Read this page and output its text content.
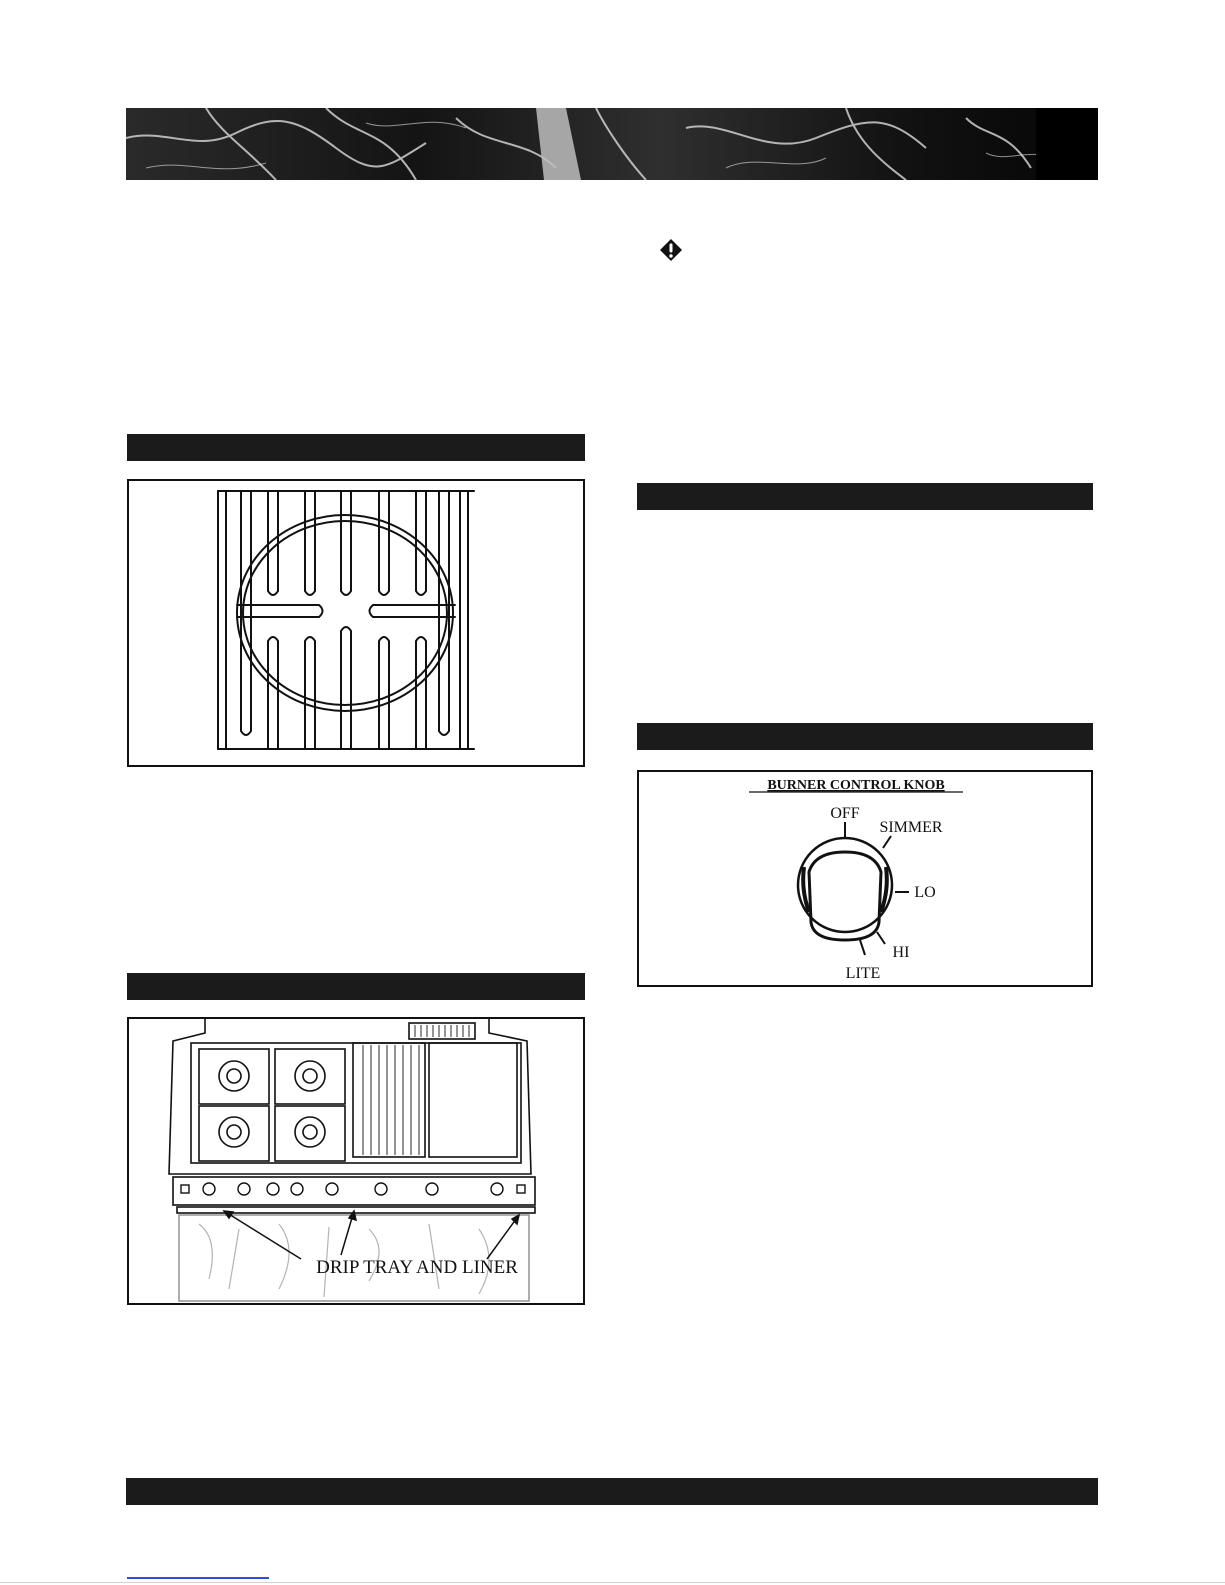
DRIP TRAY AND LINER
BURNER CONTROL KNOB
OFF
SIMMER
LO
HI
LITE
